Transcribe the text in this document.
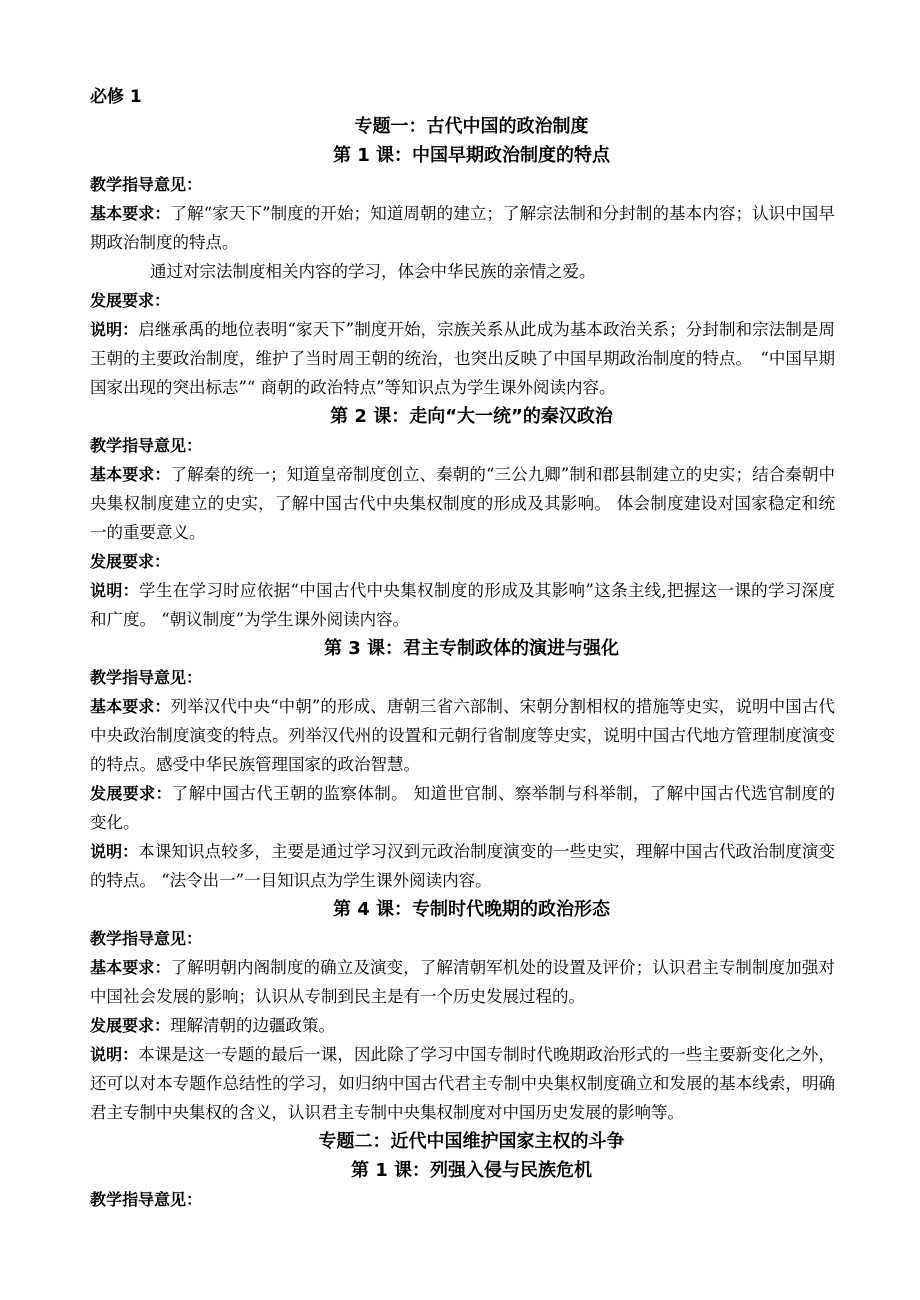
必修 1
专题一：古代中国的政治制度
第 1 课：中国早期政治制度的特点
教学指导意见：

基本要求：了解“家天下”制度的开始；知道周朝的建立；了解宗法制和分封制的基本内容；认识中国早期政治制度的特点。

通过对宗法制度相关内容的学习，体会中华民族的亲情之爱。

发展要求：

说明：启继承禹的地位表明“家天下”制度开始，宗族关系从此成为基本政治关系；分封制和宗法制是周王朝的主要政治制度，维护了当时周王朝的统治，也突出反映了中国早期政治制度的特点。　“中国早期国家出现的突出标志”“ 商朝的政治特点”等知识点为学生课外阅读内容。

第 2 课：走向“大一统”的秦汉政治
教学指导意见：

基本要求：了解秦的统一；知道皇帝制度创立、秦朝的“三公九卿”制和郡县制建立的史实；结合秦朝中央集权制度建立的史实，了解中国古代中央集权制度的形成及其影响。 体会制度建设对国家稳定和统一的重要意义。

发展要求：

说明：学生在学习时应依据“中国古代中央集权制度的形成及其影响”这条主线,把握这一课的学习深度和广度。 “朝议制度”为学生课外阅读内容。

第 3 课：君主专制政体的演进与强化
教学指导意见：

基本要求：列举汉代中央“中朝”的形成、唐朝三省六部制、宋朝分割相权的措施等史实，说明中国古代中央政治制度演变的特点。列举汉代州的设置和元朝行省制度等史实，说明中国古代地方管理制度演变的特点。感受中华民族管理国家的政治智慧。

发展要求：了解中国古代王朝的监察体制。 知道世官制、察举制与科举制，了解中国古代选官制度的变化。

说明：本课知识点较多，主要是通过学习汉到元政治制度演变的一些史实，理解中国古代政治制度演变的特点。 “法令出一”一目知识点为学生课外阅读内容。

第 4 课：专制时代晚期的政治形态
教学指导意见：

基本要求：了解明朝内阁制度的确立及演变，了解清朝军机处的设置及评价；认识君主专制制度加强对中国社会发展的影响；认识从专制到民主是有一个历史发展过程的。

发展要求：理解清朝的边疆政策。

说明：本课是这一专题的最后一课，因此除了学习中国专制时代晚期政治形式的一些主要新变化之外，还可以对本专题作总结性的学习，如归纳中国古代君主专制中央集权制度确立和发展的基本线索，明确君主专制中央集权的含义，认识君主专制中央集权制度对中国历史发展的影响等。

专题二：近代中国维护国家主权的斗争
第 1 课：列强入侵与民族危机
教学指导意见：
